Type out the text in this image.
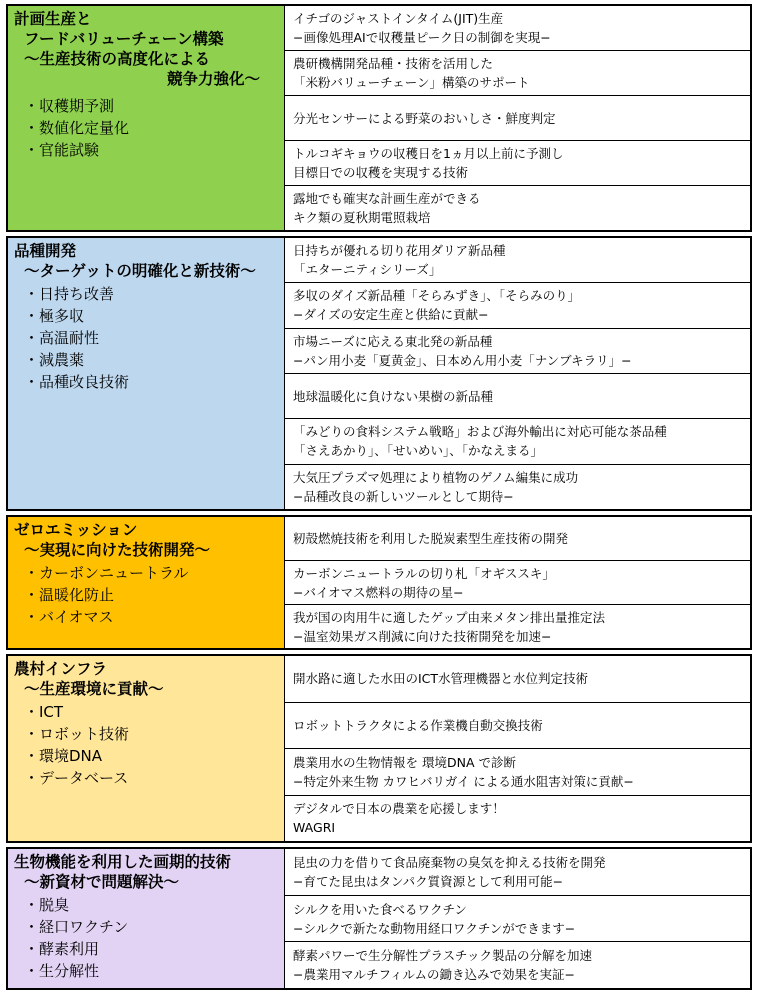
計画生産と
フードバリューチェーン構築
～生産技術の高度化による
競争力強化～
・収穫期予測
・数値化定量化
・官能試験
イチゴのジャストインタイム(JIT)生産
−画像処理AIで収穫量ピーク日の制御を実現−
農研機構開発品種・技術を活用した
「米粉バリューチェーン」構築のサポート
分光センサーによる野菜のおいしさ・鮮度判定
トルコギキョウの収穫日を1ヵ月以上前に予測し
目標日での収穫を実現する技術
露地でも確実な計画生産ができる
キク類の夏秋期電照栽培
品種開発
～ターゲットの明確化と新技術～
・日持ち改善
・極多収
・高温耐性
・減農薬
・品種改良技術
日持ちが優れる切り花用ダリア新品種
「エターニティシリーズ」
多収のダイズ新品種「そらみずき」、「そらみのり」
−ダイズの安定生産と供給に貢献−
市場ニーズに応える東北発の新品種
−パン用小麦「夏黄金」、日本めん用小麦「ナンブキラリ」−
地球温暖化に負けない果樹の新品種
「みどりの食料システム戦略」および海外輸出に対応可能な茶品種
「さえあかり」、「せいめい」、「かなえまる」
大気圧プラズマ処理により植物のゲノム編集に成功
−品種改良の新しいツールとして期待−
ゼロエミッション
～実現に向けた技術開発～
・カーボンニュートラル
・温暖化防止
・バイオマス
籾殻燃焼技術を利用した脱炭素型生産技術の開発
カーボンニュートラルの切り札「オギススキ」
−バイオマス燃料の期待の星−
我が国の肉用牛に適したゲップ由来メタン排出量推定法
−温室効果ガス削減に向けた技術開発を加速−
農村インフラ
～生産環境に貢献～
・ICT
・ロボット技術
・環境DNA
・データベース
開水路に適した水田のICT水管理機器と水位判定技術
ロボットトラクタによる作業機自動交換技術
農業用水の生物情報を 環境DNA で診断
−特定外来生物 カワヒバリガイ による通水阻害対策に貢献−
デジタルで日本の農業を応援します！
WAGRI
生物機能を利用した画期的技術
～新資材で問題解決～
・脱臭
・経口ワクチン
・酵素利用
・生分解性
昆虫の力を借りて食品廃棄物の臭気を抑える技術を開発
−育てた昆虫はタンパク質資源として利用可能−
シルクを用いた食べるワクチン
−シルクで新たな動物用経口ワクチンができます−
酵素パワーで生分解性プラスチック製品の分解を加速
−農業用マルチフィルムの鋤き込みで効果を実証−
